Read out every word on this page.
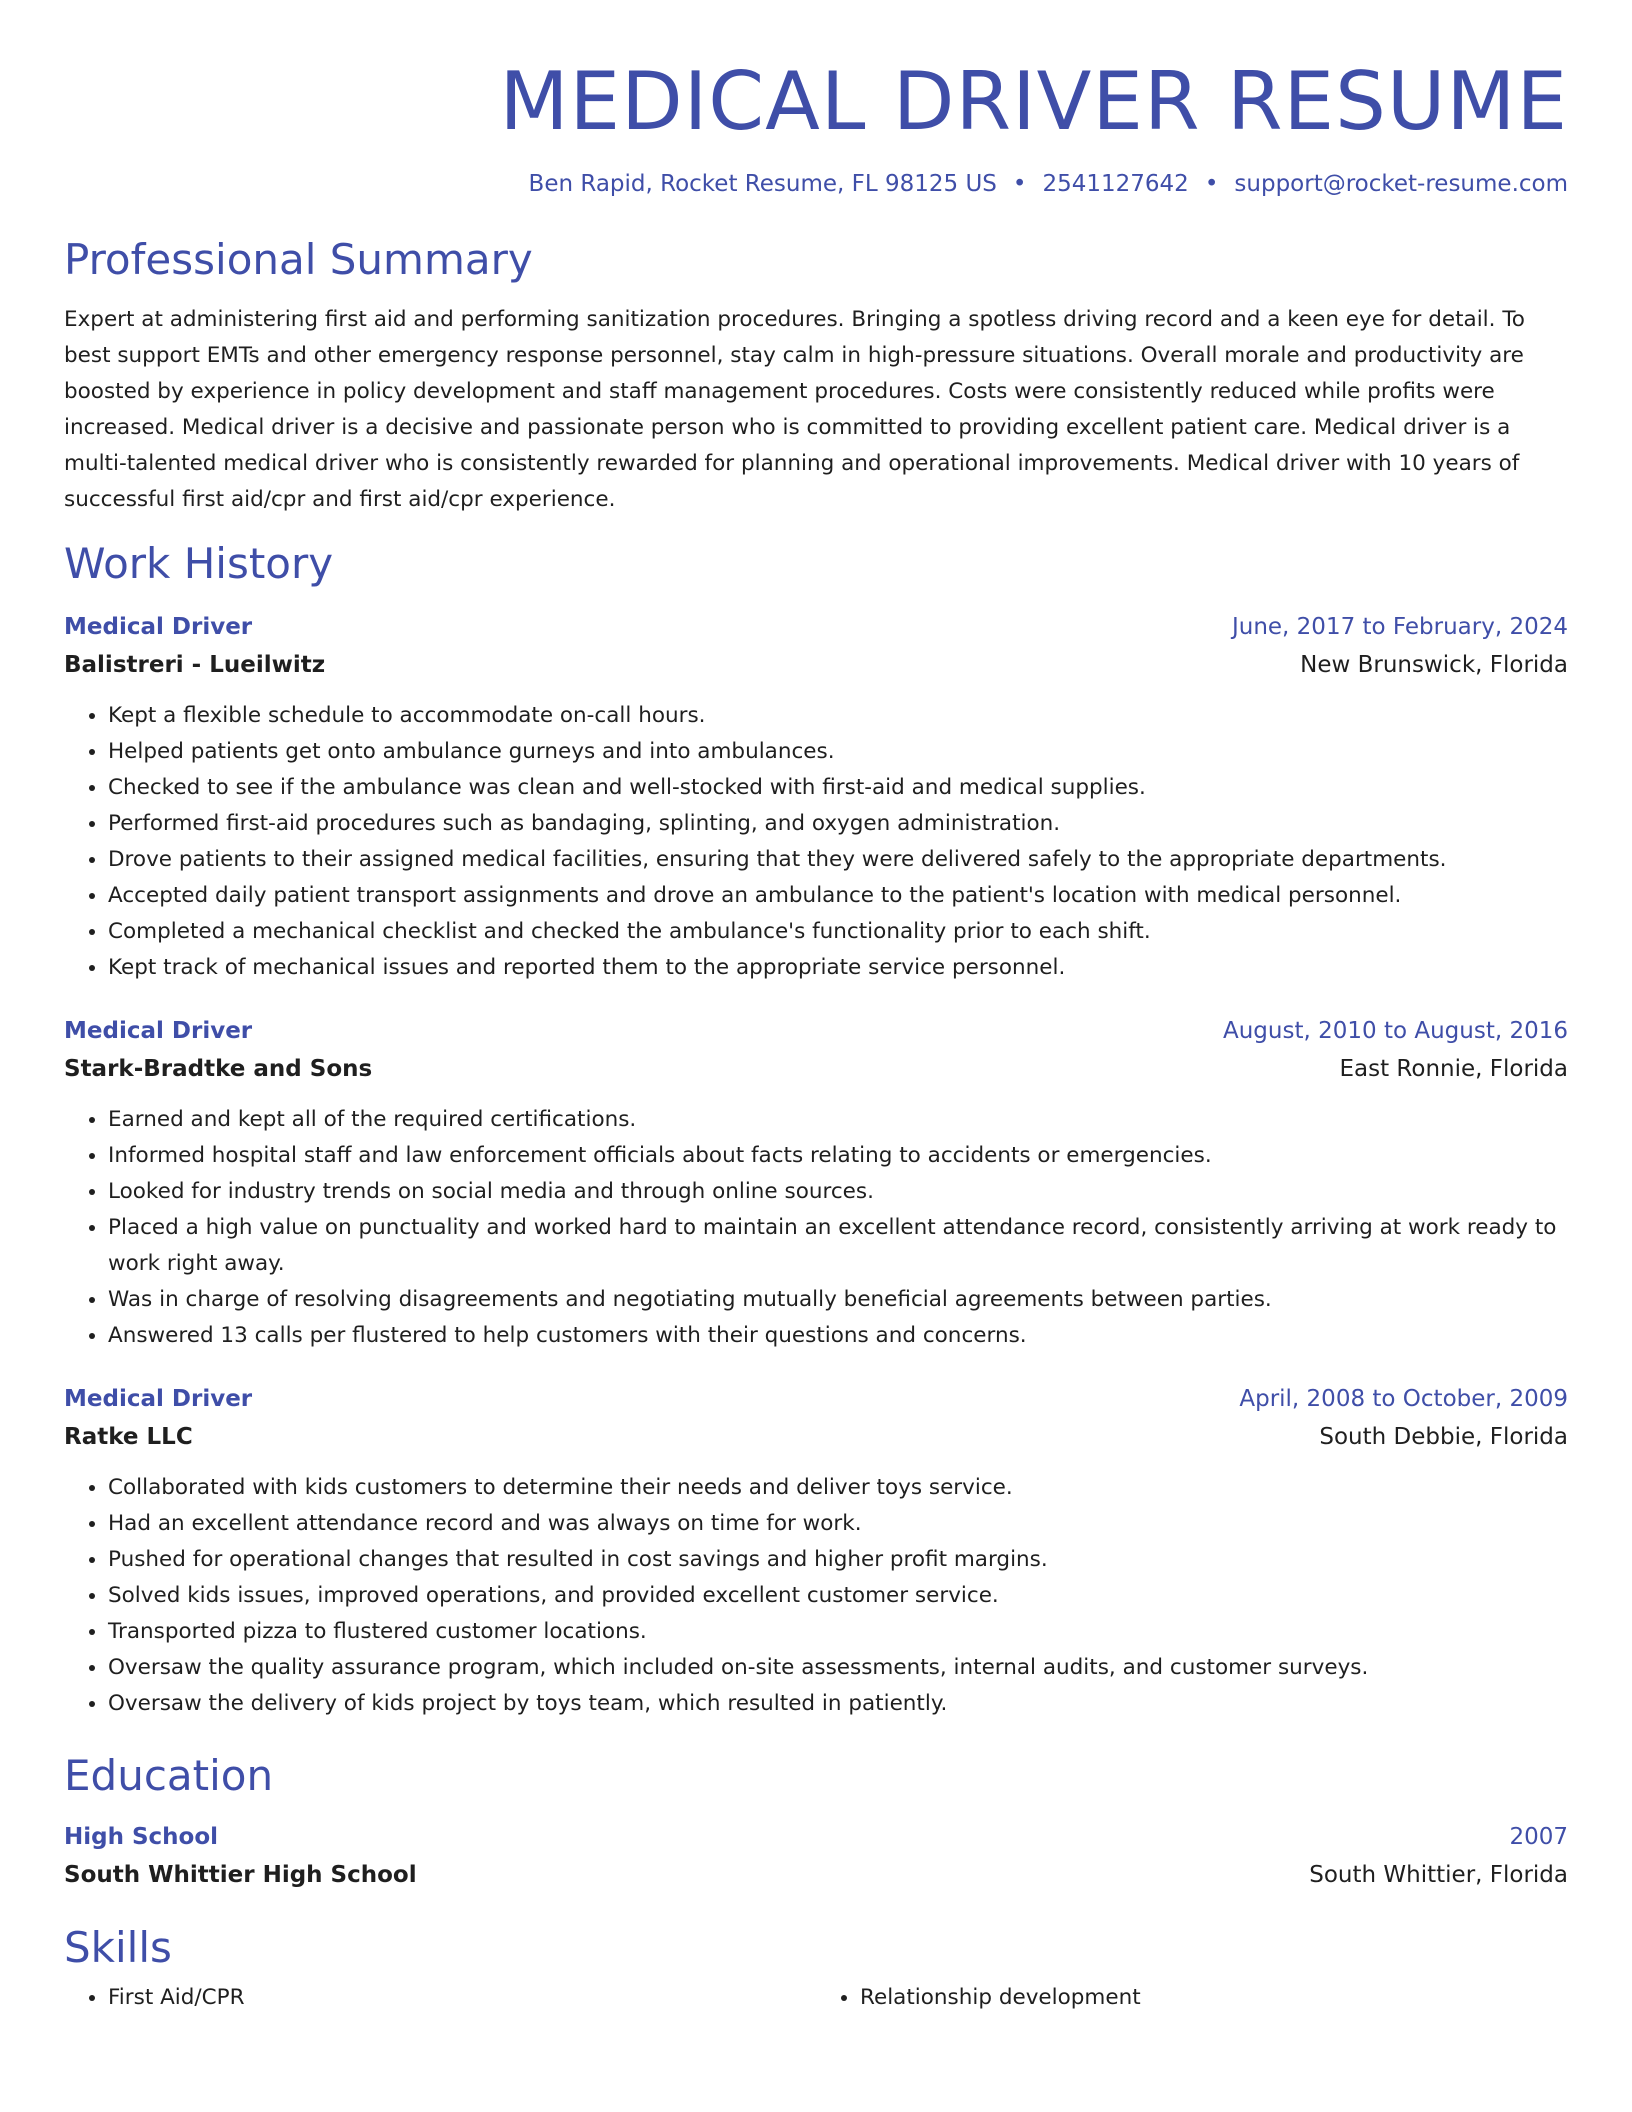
MEDICAL DRIVER RESUME
Ben Rapid, Rocket Resume, FL 98125 US • 2541127642 • support@rocket-resume.com
Professional Summary
Expert at administering first aid and performing sanitization procedures. Bringing a spotless driving record and a keen eye for detail. To best support EMTs and other emergency response personnel, stay calm in high-pressure situations. Overall morale and productivity are boosted by experience in policy development and staff management procedures. Costs were consistently reduced while profits were increased. Medical driver is a decisive and passionate person who is committed to providing excellent patient care. Medical driver is a multi-talented medical driver who is consistently rewarded for planning and operational improvements. Medical driver with 10 years of successful first aid/cpr and first aid/cpr experience.
Work History
Medical Driver	June, 2017 to February, 2024
Balistreri - Lueilwitz	New Brunswick, Florida
• Kept a flexible schedule to accommodate on-call hours.
• Helped patients get onto ambulance gurneys and into ambulances.
• Checked to see if the ambulance was clean and well-stocked with first-aid and medical supplies.
• Performed first-aid procedures such as bandaging, splinting, and oxygen administration.
• Drove patients to their assigned medical facilities, ensuring that they were delivered safely to the appropriate departments.
• Accepted daily patient transport assignments and drove an ambulance to the patient's location with medical personnel.
• Completed a mechanical checklist and checked the ambulance's functionality prior to each shift.
• Kept track of mechanical issues and reported them to the appropriate service personnel.
Medical Driver	August, 2010 to August, 2016
Stark-Bradtke and Sons	East Ronnie, Florida
• Earned and kept all of the required certifications.
• Informed hospital staff and law enforcement officials about facts relating to accidents or emergencies.
• Looked for industry trends on social media and through online sources.
• Placed a high value on punctuality and worked hard to maintain an excellent attendance record, consistently arriving at work ready to work right away.
• Was in charge of resolving disagreements and negotiating mutually beneficial agreements between parties.
• Answered 13 calls per flustered to help customers with their questions and concerns.
Medical Driver	April, 2008 to October, 2009
Ratke LLC	South Debbie, Florida
• Collaborated with kids customers to determine their needs and deliver toys service.
• Had an excellent attendance record and was always on time for work.
• Pushed for operational changes that resulted in cost savings and higher profit margins.
• Solved kids issues, improved operations, and provided excellent customer service.
• Transported pizza to flustered customer locations.
• Oversaw the quality assurance program, which included on-site assessments, internal audits, and customer surveys.
• Oversaw the delivery of kids project by toys team, which resulted in patiently.
Education
High School	2007
South Whittier High School	South Whittier, Florida
Skills
• First Aid/CPR
•	Relationship development
